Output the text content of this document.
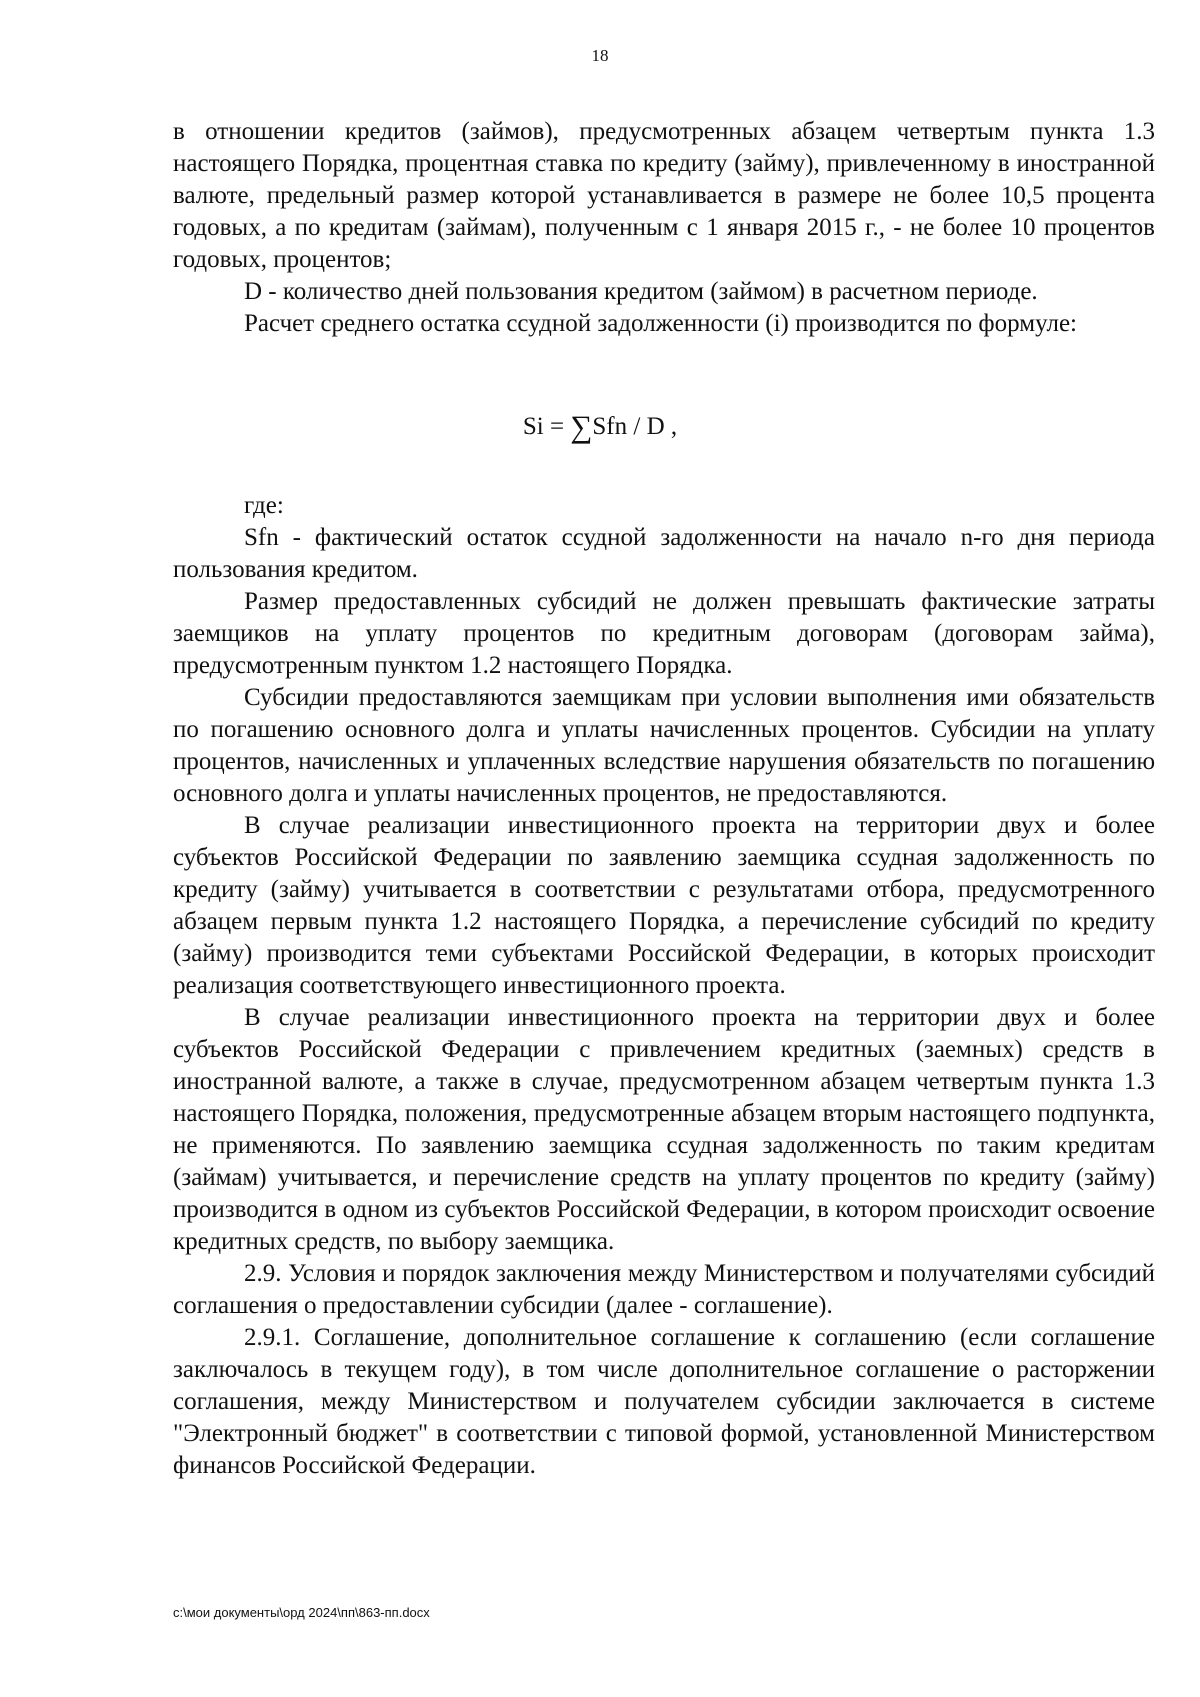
18

в отношении кредитов (займов), предусмотренных абзацем четвертым пункта 1.3 настоящего Порядка, процентная ставка по кредиту (займу), привлеченному в иностранной валюте, предельный размер которой устанавливается в размере не более 10,5 процента годовых, а по кредитам (займам), полученным с 1 января 2015 г., - не более 10 процентов годовых, процентов;

D - количество дней пользования кредитом (займом) в расчетном периоде.

Расчет среднего остатка ссудной задолженности (i) производится по формуле:

Si = ∑Sfn / D ,

где:

Sfn - фактический остаток ссудной задолженности на начало n-го дня периода пользования кредитом.

Размер предоставленных субсидий не должен превышать фактические затраты заемщиков на уплату процентов по кредитным договорам (договорам займа), предусмотренным пунктом 1.2 настоящего Порядка.

Субсидии предоставляются заемщикам при условии выполнения ими обязательств по погашению основного долга и уплаты начисленных процентов. Субсидии на уплату процентов, начисленных и уплаченных вследствие нарушения обязательств по погашению основного долга и уплаты начисленных процентов, не предоставляются.

В случае реализации инвестиционного проекта на территории двух и более субъектов Российской Федерации по заявлению заемщика ссудная задолженность по кредиту (займу) учитывается в соответствии с результатами отбора, предусмотренного абзацем первым пункта 1.2 настоящего Порядка, а перечисление субсидий по кредиту (займу) производится теми субъектами Российской Федерации, в которых происходит реализация соответствующего инвестиционного проекта.

В случае реализации инвестиционного проекта на территории двух и более субъектов Российской Федерации с привлечением кредитных (заемных) средств в иностранной валюте, а также в случае, предусмотренном абзацем четвертым пункта 1.3 настоящего Порядка, положения, предусмотренные абзацем вторым настоящего подпункта, не применяются. По заявлению заемщика ссудная задолженность по таким кредитам (займам) учитывается, и перечисление средств на уплату процентов по кредиту (займу) производится в одном из субъектов Российской Федерации, в котором происходит освоение кредитных средств, по выбору заемщика.

2.9. Условия и порядок заключения между Министерством и получателями субсидий соглашения о предоставлении субсидии (далее - соглашение).

2.9.1. Соглашение, дополнительное соглашение к соглашению (если соглашение заключалось в текущем году), в том числе дополнительное соглашение о расторжении соглашения, между Министерством и получателем субсидии заключается в системе "Электронный бюджет" в соответствии с типовой формой, установленной Министерством финансов Российской Федерации.

c:\мои документы\орд 2024\пп\863-пп.docx
